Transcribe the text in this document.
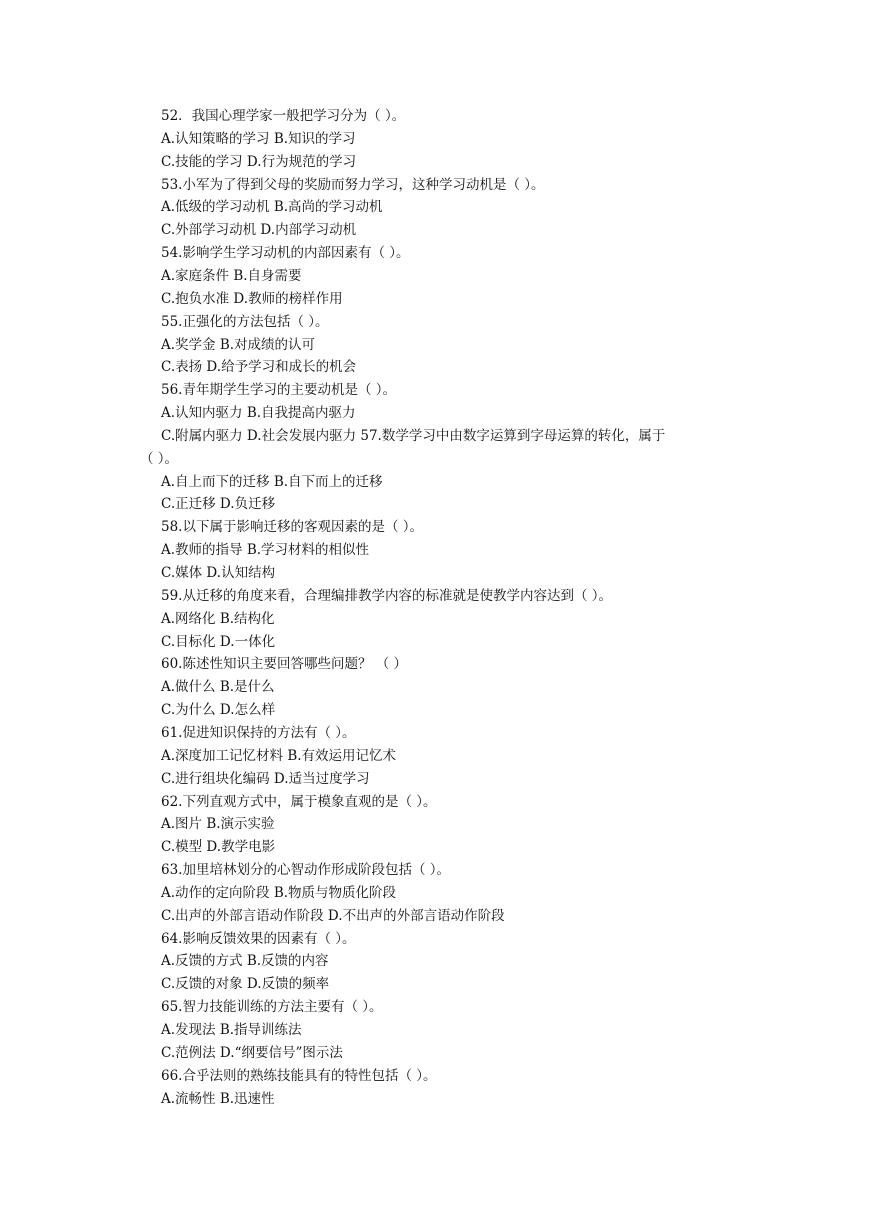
52．我国心理学家一般把学习分为（ ）。
A.认知策略的学习 B.知识的学习
C.技能的学习 D.行为规范的学习
53.小军为了得到父母的奖励而努力学习，这种学习动机是（ ）。
A.低级的学习动机 B.高尚的学习动机
C.外部学习动机 D.内部学习动机
54.影响学生学习动机的内部因素有（ ）。
A.家庭条件 B.自身需要
C.抱负水准 D.教师的榜样作用
55.正强化的方法包括（ ）。
A.奖学金 B.对成绩的认可
C.表扬 D.给予学习和成长的机会
56.青年期学生学习的主要动机是（ ）。
A.认知内驱力 B.自我提高内驱力
C.附属内驱力 D.社会发展内驱力 57.数学学习中由数字运算到字母运算的转化，属于
（ ）。
A.自上而下的迁移 B.自下而上的迁移
C.正迁移 D.负迁移
58.以下属于影响迁移的客观因素的是（ ）。
A.教师的指导 B.学习材料的相似性
C.媒体 D.认知结构
59.从迁移的角度来看，合理编排教学内容的标准就是使教学内容达到（ ）。
A.网络化 B.结构化
C.目标化 D.一体化
60.陈述性知识主要回答哪些问题？ （ ）
A.做什么 B.是什么
C.为什么 D.怎么样
61.促进知识保持的方法有（ ）。
A.深度加工记忆材料 B.有效运用记忆术
C.进行组块化编码 D.适当过度学习
62.下列直观方式中，属于模象直观的是（ ）。
A.图片 B.演示实验
C.模型 D.教学电影
63.加里培林划分的心智动作形成阶段包括（ ）。
A.动作的定向阶段 B.物质与物质化阶段
C.出声的外部言语动作阶段 D.不出声的外部言语动作阶段
64.影响反馈效果的因素有（ ）。
A.反馈的方式 B.反馈的内容
C.反馈的对象 D.反馈的频率
65.智力技能训练的方法主要有（ ）。
A.发现法 B.指导训练法
C.范例法 D.“纲要信号”图示法
66.合乎法则的熟练技能具有的特性包括（ ）。
A.流畅性 B.迅速性
